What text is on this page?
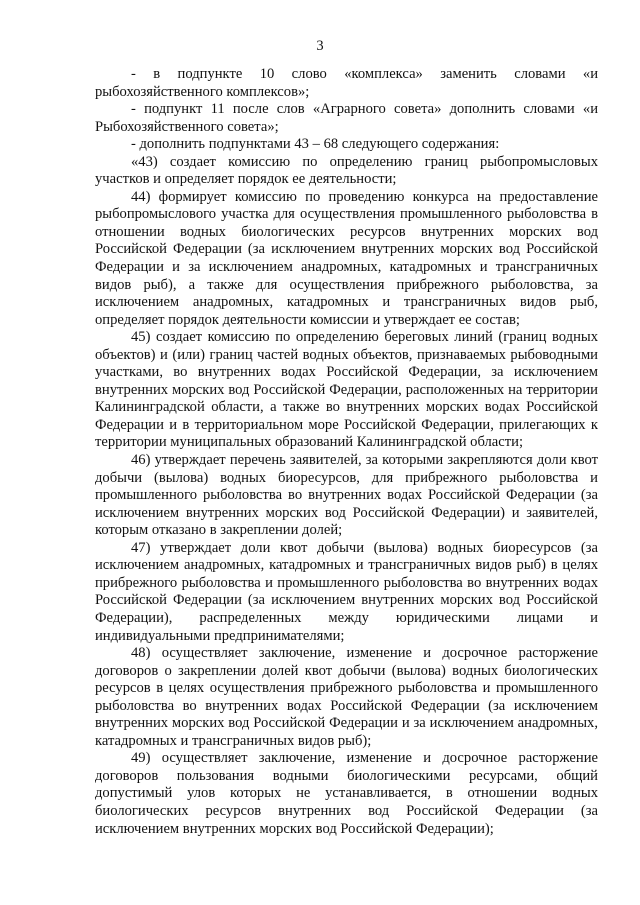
3

- в подпункте 10 слово «комплекса» заменить словами «и рыбохозяйственного комплексов»;

- подпункт 11 после слов «Аграрного совета» дополнить словами «и Рыбохозяйственного совета»;

- дополнить подпунктами 43 – 68 следующего содержания:

«43) создает комиссию по определению границ рыбопромысловых участков и определяет порядок ее деятельности;

44) формирует комиссию по проведению конкурса на предоставление рыбопромыслового участка для осуществления промышленного рыболовства в отношении водных биологических ресурсов внутренних морских вод Российской Федерации (за исключением внутренних морских вод Российской Федерации и за исключением анадромных, катадромных и трансграничных видов рыб), а также для осуществления прибрежного рыболовства, за исключением анадромных, катадромных и трансграничных видов рыб, определяет порядок деятельности комиссии и утверждает ее состав;

45) создает комиссию по определению береговых линий (границ водных объектов) и (или) границ частей водных объектов, признаваемых рыбоводными участками, во внутренних водах Российской Федерации, за исключением внутренних морских вод Российской Федерации, расположенных на территории Калининградской области, а также во внутренних морских водах Российской Федерации и в территориальном море Российской Федерации, прилегающих к территории муниципальных образований Калининградской области;

46) утверждает перечень заявителей, за которыми закрепляются доли квот добычи (вылова) водных биоресурсов, для прибрежного рыболовства и промышленного рыболовства во внутренних водах Российской Федерации (за исключением внутренних морских вод Российской Федерации) и заявителей, которым отказано в закреплении долей;

47) утверждает доли квот добычи (вылова) водных биоресурсов (за исключением анадромных, катадромных и трансграничных видов рыб) в целях прибрежного рыболовства и промышленного рыболовства во внутренних водах Российской Федерации (за исключением внутренних морских вод Российской Федерации), распределенных между юридическими лицами и индивидуальными предпринимателями;

48) осуществляет заключение, изменение и досрочное расторжение договоров о закреплении долей квот добычи (вылова) водных биологических ресурсов в целях осуществления прибрежного рыболовства и промышленного рыболовства во внутренних водах Российской Федерации (за исключением внутренних морских вод Российской Федерации и за исключением анадромных, катадромных и трансграничных видов рыб);

49) осуществляет заключение, изменение и досрочное расторжение договоров пользования водными биологическими ресурсами, общий допустимый улов которых не устанавливается, в отношении водных биологических ресурсов внутренних вод Российской Федерации (за исключением внутренних морских вод Российской Федерации);
